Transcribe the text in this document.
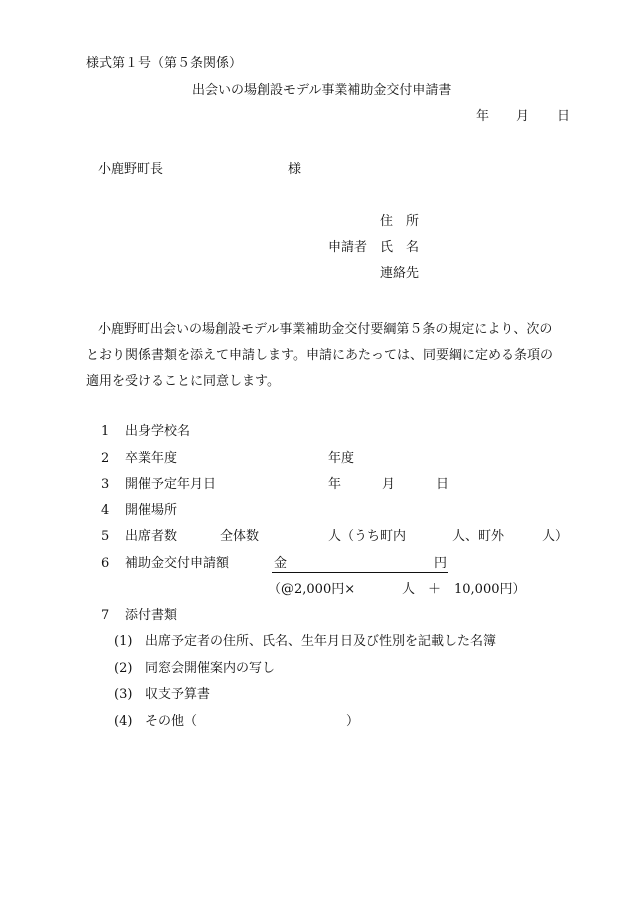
様式第１号（第５条関係）
出会いの場創設モデル事業補助金交付申請書
年 月 日
小鹿野町長	様
住　所
申請者 氏　名
連絡先
小鹿野町出会いの場創設モデル事業補助金交付要綱第５条の規定により、次の
とおり関係書類を添えて申請します。申請にあたっては、同要綱に定める条項の
適用を受けることに同意します。
1 出身学校名
2 卒業年度	年度
3 開催予定年月日	年	月	日
4 開催場所
5 出席者数	全体数	人（うち町内	人、町外	人）
6 補助金交付申請額	金	円
（@2,000円×	人　＋　10,000円）
7 添付書類
(1) 出席予定者の住所、氏名、生年月日及び性別を記載した名簿
(2) 同窓会開催案内の写し
(3) 収支予算書
(4) その他（	）
